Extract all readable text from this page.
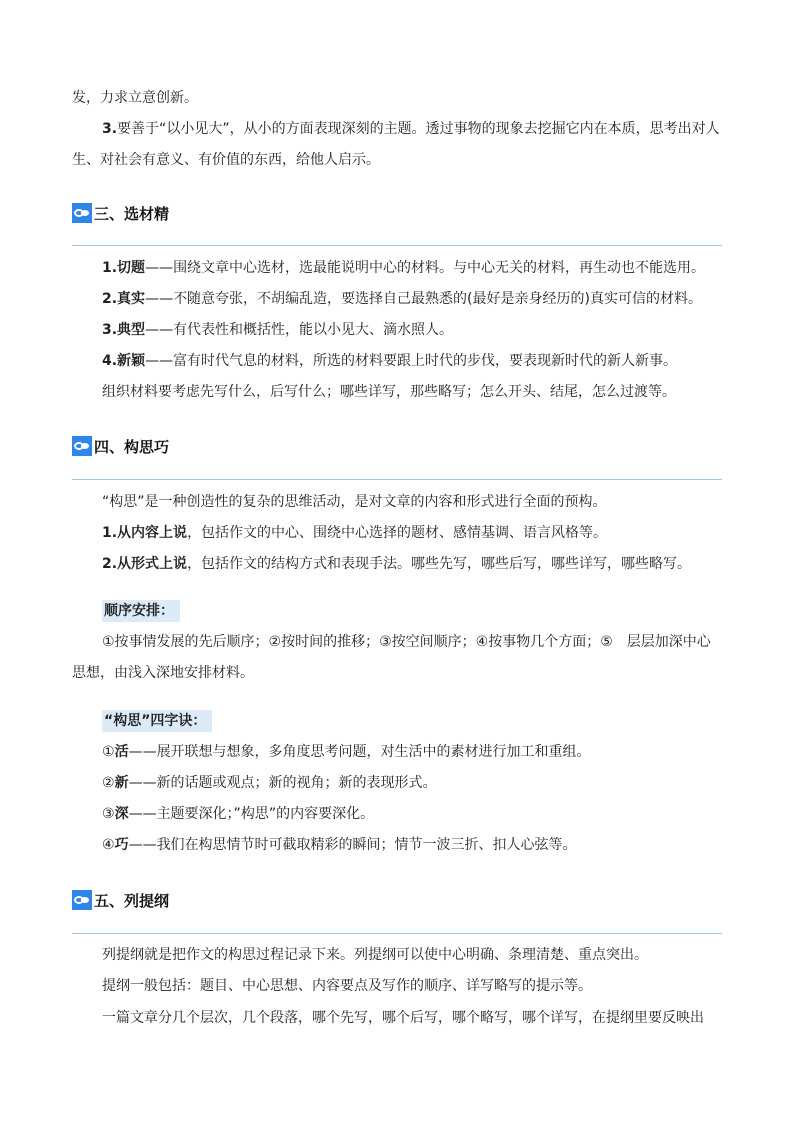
发，力求立意创新。
3.要善于“以小见大”，从小的方面表现深刻的主题。透过事物的现象去挖掘它内在本质，思考出对人
生、对社会有意义、有价值的东西，给他人启示。
三、选材精
1.切题——围绕文章中心选材，选最能说明中心的材料。与中心无关的材料，再生动也不能选用。
2.真实——不随意夸张，不胡编乱造，要选择自己最熟悉的(最好是亲身经历的)真实可信的材料。
3.典型——有代表性和概括性，能以小见大、滴水照人。
4.新颖——富有时代气息的材料，所选的材料要跟上时代的步伐，要表现新时代的新人新事。
组织材料要考虑先写什么，后写什么；哪些详写，那些略写；怎么开头、结尾，怎么过渡等。
四、构思巧
“构思”是一种创造性的复杂的思维活动，是对文章的内容和形式进行全面的预构。
1.从内容上说，包括作文的中心、围绕中心选择的题材、感情基调、语言风格等。
2.从形式上说，包括作文的结构方式和表现手法。哪些先写，哪些后写，哪些详写，哪些略写。
顺序安排：
①按事情发展的先后顺序；②按时间的推移；③按空间顺序；④按事物几个方面；⑤　层层加深中心
思想，由浅入深地安排材料。
“构思”四字诀：
①活——展开联想与想象，多角度思考问题，对生活中的素材进行加工和重组。
②新——新的话题或观点；新的视角；新的表现形式。
③深——主题要深化；”构思”的内容要深化。
④巧——我们在构思情节时可截取精彩的瞬间；情节一波三折、扣人心弦等。
五、列提纲
列提纲就是把作文的构思过程记录下来。列提纲可以使中心明确、条理清楚、重点突出。
提纲一般包括：题目、中心思想、内容要点及写作的顺序、详写略写的提示等。
一篇文章分几个层次，几个段落，哪个先写，哪个后写，哪个略写，哪个详写，在提纲里要反映出
